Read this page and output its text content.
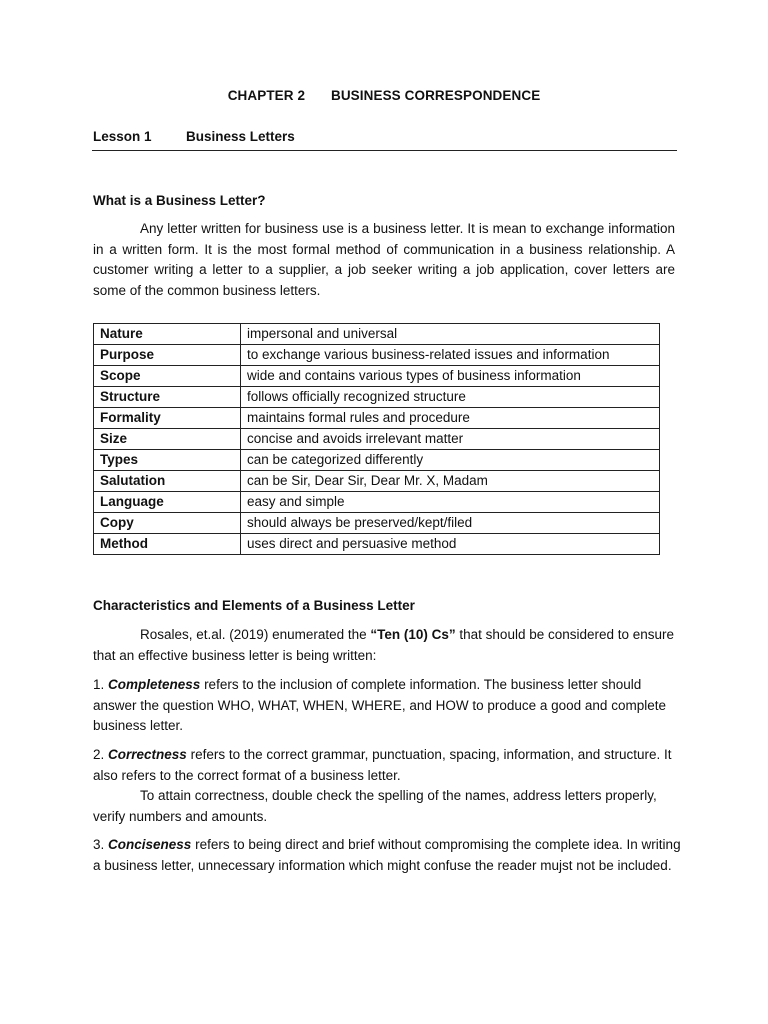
CHAPTER 2 BUSINESS CORRESPONDENCE
Lesson 1	Business Letters
What is a Business Letter?
Any letter written for business use is a business letter. It is mean to exchange information in a written form. It is the most formal method of communication in a business relationship. A customer writing a letter to a supplier, a job seeker writing a job application, cover letters are some of the common business letters.
Nature	impersonal and universal
Purpose	to exchange various business-related issues and information
Scope	wide and contains various types of business information
Structure	follows officially recognized structure
Formality	maintains formal rules and procedure
Size	concise and avoids irrelevant matter
Types	can be categorized differently
Salutation	can be Sir, Dear Sir, Dear Mr. X, Madam
Language	easy and simple
Copy	should always be preserved/kept/filed
Method	uses direct and persuasive method
Characteristics and Elements of a Business Letter
Rosales, et.al. (2019) enumerated the “Ten (10) Cs” that should be considered to ensure that an effective business letter is being written:
1. Completeness refers to the inclusion of complete information. The business letter should answer the question WHO, WHAT, WHEN, WHERE, and HOW to produce a good and complete business letter.
2. Correctness refers to the correct grammar, punctuation, spacing, information, and structure. It also refers to the correct format of a business letter.
To attain correctness, double check the spelling of the names, address letters properly, verify numbers and amounts.
3. Conciseness refers to being direct and brief without compromising the complete idea. In writing a business letter, unnecessary information which might confuse the reader mujst not be included.
